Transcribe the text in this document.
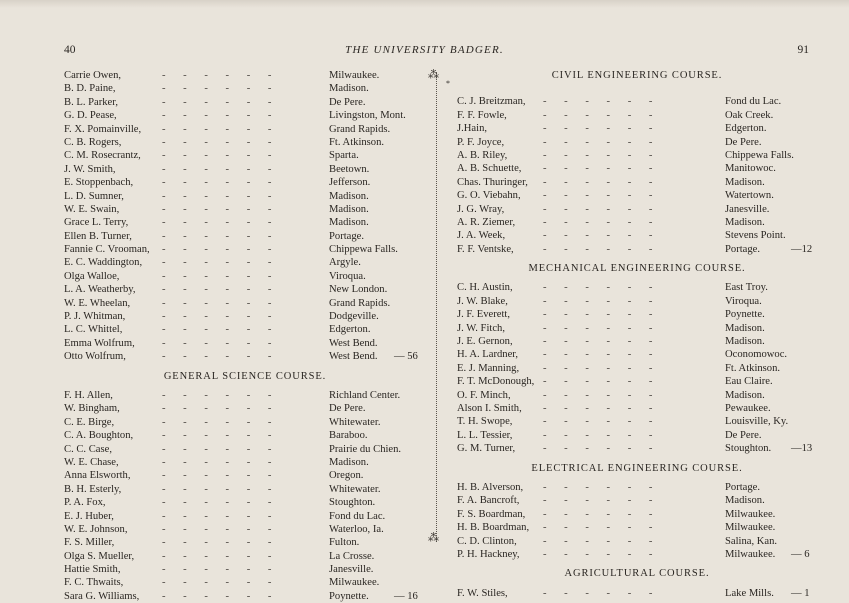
40	THE UNIVERSITY BADGER.	91
⁂
⁂
*
Carrie Owen,	- - - - - -	Milwaukee.
B. D. Paine,	- - - - - -	Madison.
B. L. Parker,	- - - - - -	De Pere.
G. D. Pease,	- - - - - -	Livingston, Mont.
F. X. Pomainville, - - - - - -	Grand Rapids.
C. B. Rogers,	- - - - - -	Ft. Atkinson.
C. M. Rosecrantz, - - - - - -	Sparta.
J. W. Smith,	- - - - - -	Beetown.
E. Stoppenbach,	- - - - - -	Jefferson.
L. D. Sumner,	- - - - - -	Madison.
W. E. Swain,	- - - - - -	Madison.
Grace L. Terry,	- - - - - -	Madison.
Ellen B. Turner,	- - - - - -	Portage.
Fannie C. Vrooman, - - - - - -	Chippewa Falls.
E. C. Waddington, - - - - - -	Argyle.
Olga Walloe,	- - - - - -	Viroqua.
L. A. Weatherby, - - - - - -	New London.
W. E. Wheelan,	- - - - - -	Grand Rapids.
P. J. Whitman,	- - - - - -	Dodgeville.
L. C. Whittel,	- - - - - -	Edgerton.
Emma Wolfrum,	- - - - - -	West Bend.
Otto Wolfrum,	- - - - - -	West Bend. — 56
GENERAL SCIENCE COURSE.
F. H. Allen,	- - - - - -	Richland Center.
W. Bingham,	- - - - - -	De Pere.
C. E. Birge,	- - - - - -	Whitewater.
C. A. Boughton,	- - - - - -	Baraboo.
C. C. Case,	- - - - - -	Prairie du Chien.
W. E. Chase,	- - - - - -	Madison.
Anna Elsworth,	- - - - - -	Oregon.
B. H. Esterly,	- - - - - -	Whitewater.
P. A. Fox,	- - - - - -	Stoughton.
E. J. Huber,	- - - - - -	Fond du Lac.
W. E. Johnson,	- - - - - -	Waterloo, Ia.
F. S. Miller,	- - - - - -	Fulton.
Olga S. Mueller,	- - - - - -	La Crosse.
Hattie Smith,	- - - - - -	Janesville.
F. C. Thwaits,	- - - - - -	Milwaukee.
Sara G. Williams, - - - - - -	Poynette. — 16
CIVIL ENGINEERING COURSE.
C. J. Breitzman, - - - - - -	Fond du Lac.
F. F. Fowle,	- - - - - -	Oak Creek.
J.Hain,	- - - - - -	Edgerton.
P. F. Joyce,	- - - - - -	De Pere.
A. B. Riley,	- - - - - -	Chippewa Falls.
A. B. Schuette, - - - - - -	Manitowoc.
Chas. Thuringer, - - - - - -	Madison.
G. O. Viebahn, - - - - - -	Watertown.
J. G. Wray,	- - - - - -	Janesville.
A. R. Ziemer,	- - - - - -	Madison.
J. A. Week,	- - - - - -	Stevens Point.
F. F. Ventske,	- - - - - -	Portage.	—12
MECHANICAL ENGINEERING COURSE.
C. H. Austin,	- - - - - -	East Troy.
J. W. Blake,	- - - - - -	Viroqua.
J. F. Everett,	- - - - - -	Poynette.
J. W. Fitch,	- - - - - -	Madison.
J. E. Gernon,	- - - - - -	Madison.
H. A. Lardner, - - - - - -	Oconomowoc.
E. J. Manning, - - - - - -	Ft. Atkinson.
F. T. McDonough, - - - - - -	Eau Claire.
O. F. Minch,	- - - - - -	Madison.
Alson I. Smith, - - - - - -	Pewaukee.
T. H. Swope,	- - - - - -	Louisville, Ky.
L. L. Tessier,	- - - - - -	De Pere.
G. M. Turner,	- - - - - -	Stoughton. —13
ELECTRICAL ENGINEERING COURSE.
H. B. Alverson, - - - - - -	Portage.
F. A. Bancroft, - - - - - -	Madison.
F. S. Boardman, - - - - - -	Milwaukee.
H. B. Boardman, - - - - - -	Milwaukee.
C. D. Clinton, - - - - - -	Salina, Kan.
P. H. Hackney, - - - - - -	Milwaukee. — 6
AGRICULTURAL COURSE.
F. W. Stiles,	- - - - - -	Lake Mills. — 1
